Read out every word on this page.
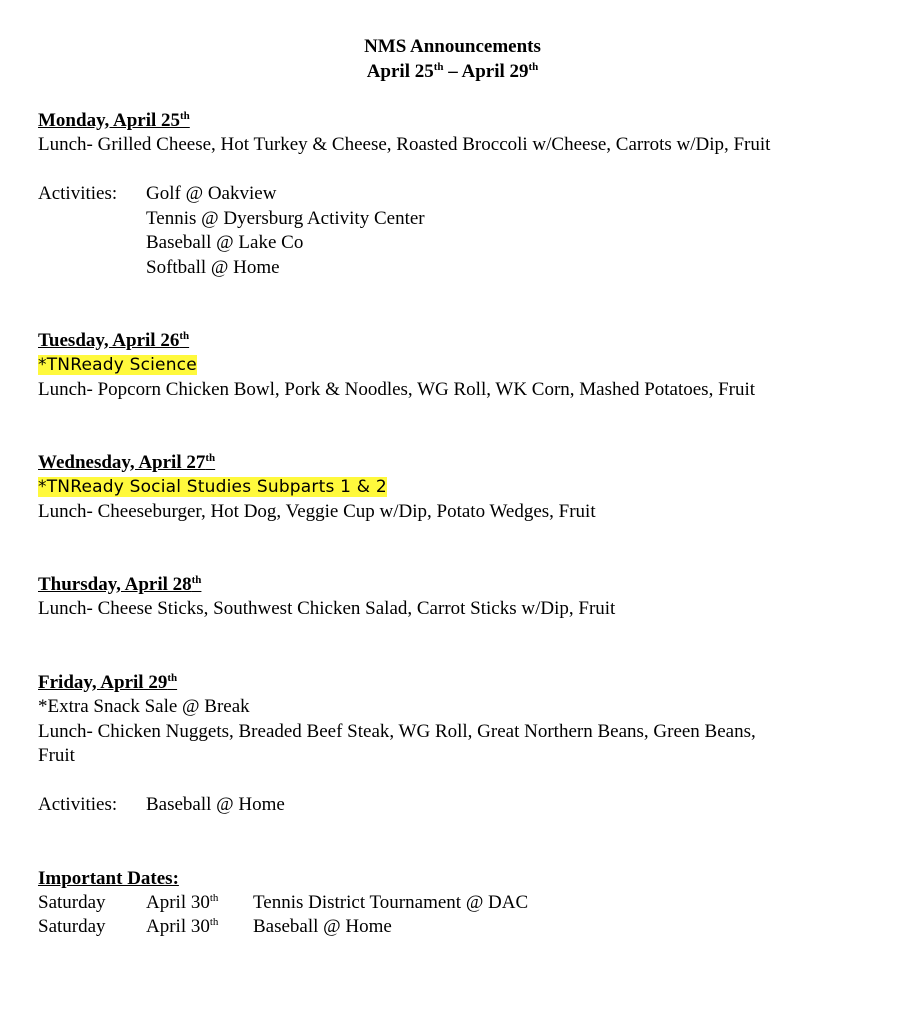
NMS Announcements
April 25th – April 29th
Monday, April 25th
Lunch- Grilled Cheese, Hot Turkey & Cheese, Roasted Broccoli w/Cheese, Carrots w/Dip, Fruit
Activities: Golf @ Oakview
Tennis @ Dyersburg Activity Center
Baseball @ Lake Co
Softball @ Home
Tuesday, April 26th
*TNReady Science
Lunch- Popcorn Chicken Bowl, Pork & Noodles, WG Roll, WK Corn, Mashed Potatoes, Fruit
Wednesday, April 27th
*TNReady Social Studies Subparts 1 & 2
Lunch- Cheeseburger, Hot Dog, Veggie Cup w/Dip, Potato Wedges, Fruit
Thursday, April 28th
Lunch- Cheese Sticks, Southwest Chicken Salad, Carrot Sticks w/Dip, Fruit
Friday, April 29th
*Extra Snack Sale @ Break
Lunch- Chicken Nuggets, Breaded Beef Steak, WG Roll, Great Northern Beans, Green Beans,
Fruit
Activities: Baseball @ Home
Important Dates:
Saturday April 30th Tennis District Tournament @ DAC
Saturday April 30th Baseball @ Home
